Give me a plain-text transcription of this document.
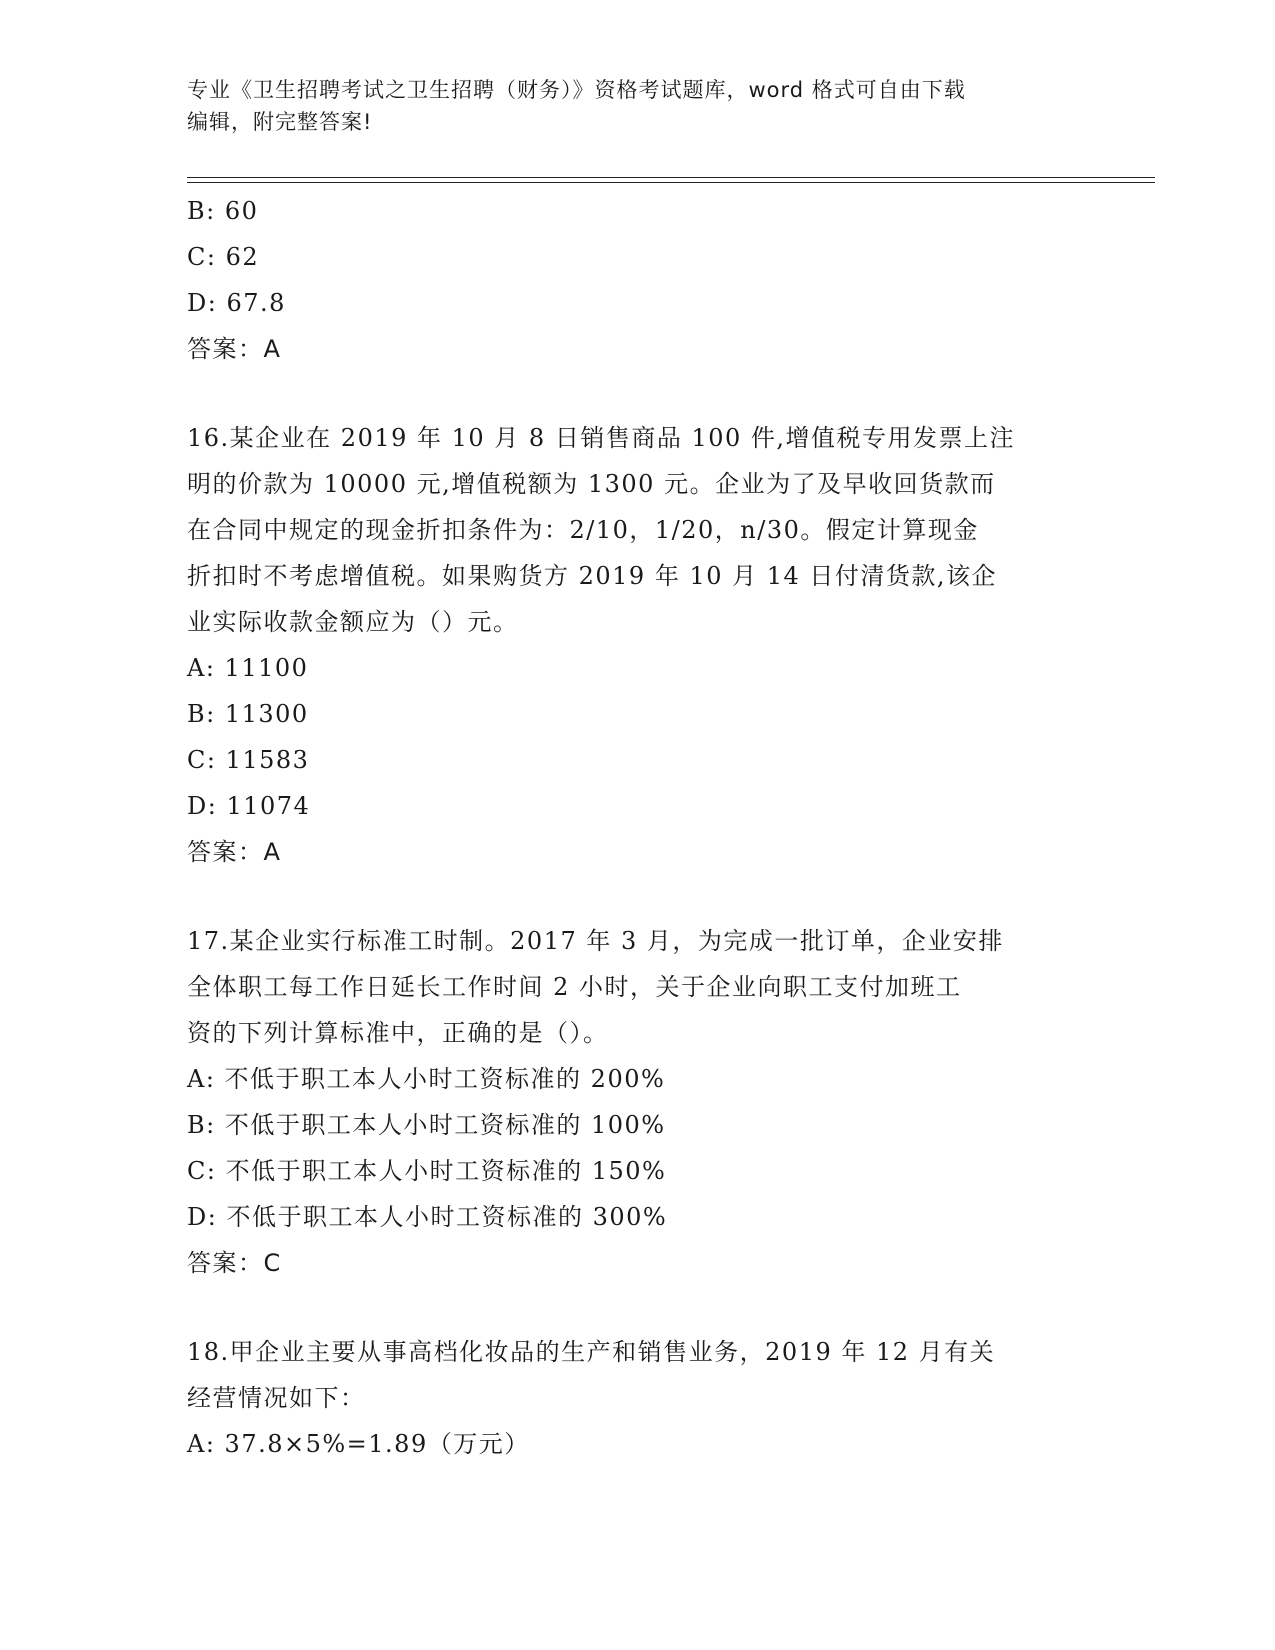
专业《卫生招聘考试之卫生招聘（财务）》资格考试题库，word 格式可自由下载
编辑，附完整答案!
B: 60
C: 62
D: 67.8
答案：A
16.某企业在 2019 年 10 月 8 日销售商品 100 件,增值税专用发票上注
明的价款为 10000 元,增值税额为 1300 元。企业为了及早收回货款而
在合同中规定的现金折扣条件为：2/10，1/20，n/30。假定计算现金
折扣时不考虑增值税。如果购货方 2019 年 10 月 14 日付清货款,该企
业实际收款金额应为（）元。
A: 11100
B: 11300
C: 11583
D: 11074
答案：A
17.某企业实行标准工时制。2017 年 3 月，为完成一批订单，企业安排
全体职工每工作日延长工作时间 2 小时，关于企业向职工支付加班工
资的下列计算标准中，正确的是（）。
A: 不低于职工本人小时工资标准的 200%
B: 不低于职工本人小时工资标准的 100%
C: 不低于职工本人小时工资标准的 150%
D: 不低于职工本人小时工资标准的 300%
答案：C
18.甲企业主要从事高档化妆品的生产和销售业务，2019 年 12 月有关
经营情况如下：
A: 37.8×5%=1.89（万元）
